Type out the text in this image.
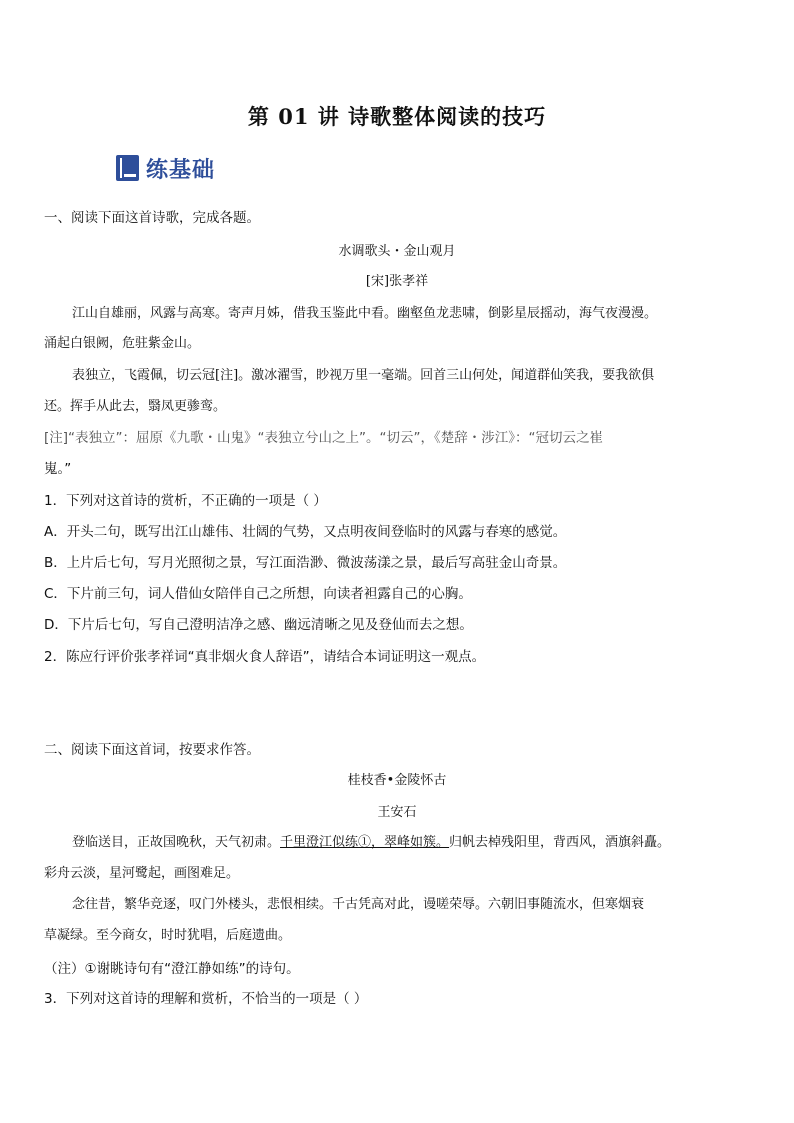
第 01 讲 诗歌整体阅读的技巧
练基础
一、阅读下面这首诗歌，完成各题。
水调歌头・金山观月
[宋]张孝祥
江山自雄丽，风露与高寒。寄声月姊，借我玉鉴此中看。幽壑鱼龙悲啸，倒影星辰摇动，海气夜漫漫。
涌起白银阙，危驻紫金山。
表独立，飞霞佩，切云冠[注]。激冰濯雪，眇视万里一毫端。回首三山何处，闻道群仙笑我，要我欲俱
还。挥手从此去，翳凤更骖鸾。
[注]“表独立”：屈原《九歌・山鬼》“表独立兮山之上”。“切云”，《楚辞・涉江》：“冠切云之崔
嵬。”
1．下列对这首诗的赏析，不正确的一项是（ ）
A．开头二句，既写出江山雄伟、壮阔的气势，又点明夜间登临时的风露与春寒的感觉。
B．上片后七句，写月光照彻之景，写江面浩渺、微波荡漾之景，最后写高驻金山奇景。
C．下片前三句，词人借仙女陪伴自己之所想，向读者袒露自己的心胸。
D．下片后七句，写自己澄明洁净之感、幽远清晰之见及登仙而去之想。
2．陈应行评价张孝祥词“真非烟火食人辞语”，请结合本词证明这一观点。
二、阅读下面这首词，按要求作答。
桂枝香•金陵怀古
王安石
登临送目，正故国晚秋，天气初肃。千里澄江似练①，翠峰如簇。归帆去棹残阳里，背西风，酒旗斜矗。
彩舟云淡，星河鹭起，画图难足。
念往昔，繁华竞逐，叹门外楼头，悲恨相续。千古凭高对此，谩嗟荣辱。六朝旧事随流水，但寒烟衰
草凝绿。至今商女，时时犹唱，后庭遗曲。
（注）①谢眺诗句有“澄江静如练”的诗句。
3．下列对这首诗的理解和赏析，不恰当的一项是（ ）
